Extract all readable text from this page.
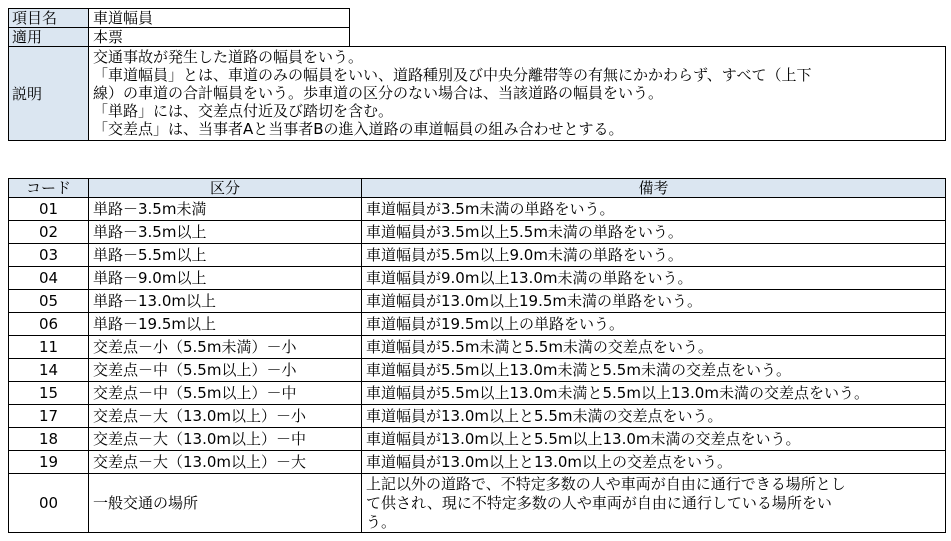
項目名	車道幅員	
適用	本票	
説明	交通事故が発生した道路の幅員をいう。
「車道幅員」とは、車道のみの幅員をいい、道路種別及び中央分離帯等の有無にかかわらず、すべて（上下
線）の車道の合計幅員をいう。歩車道の区分のない場合は、当該道路の幅員をいう。
「単路」には、交差点付近及び踏切を含む。
「交差点」は、当事者Aと当事者Bの進入道路の車道幅員の組み合わせとする。	
コード	区分	備考
01	単路－3.5m未満	車道幅員が3.5m未満の単路をいう。
02	単路－3.5m以上	車道幅員が3.5m以上5.5m未満の単路をいう。
03	単路－5.5m以上	車道幅員が5.5m以上9.0m未満の単路をいう。
04	単路－9.0m以上	車道幅員が9.0m以上13.0m未満の単路をいう。
05	単路－13.0m以上	車道幅員が13.0m以上19.5m未満の単路をいう。
06	単路－19.5m以上	車道幅員が19.5m以上の単路をいう。
11	交差点－小（5.5m未満）－小	車道幅員が5.5m未満と5.5m未満の交差点をいう。
14	交差点－中（5.5m以上）－小	車道幅員が5.5m以上13.0m未満と5.5m未満の交差点をいう。
15	交差点－中（5.5m以上）－中	車道幅員が5.5m以上13.0m未満と5.5m以上13.0m未満の交差点をいう。
17	交差点－大（13.0m以上）－小	車道幅員が13.0m以上と5.5m未満の交差点をいう。
18	交差点－大（13.0m以上）－中	車道幅員が13.0m以上と5.5m以上13.0m未満の交差点をいう。
19	交差点－大（13.0m以上）－大	車道幅員が13.0m以上と13.0m以上の交差点をいう。
00	一般交通の場所	上記以外の道路で、不特定多数の人や車両が自由に通行できる場所とし
て供され、現に不特定多数の人や車両が自由に通行している場所をい
う。
